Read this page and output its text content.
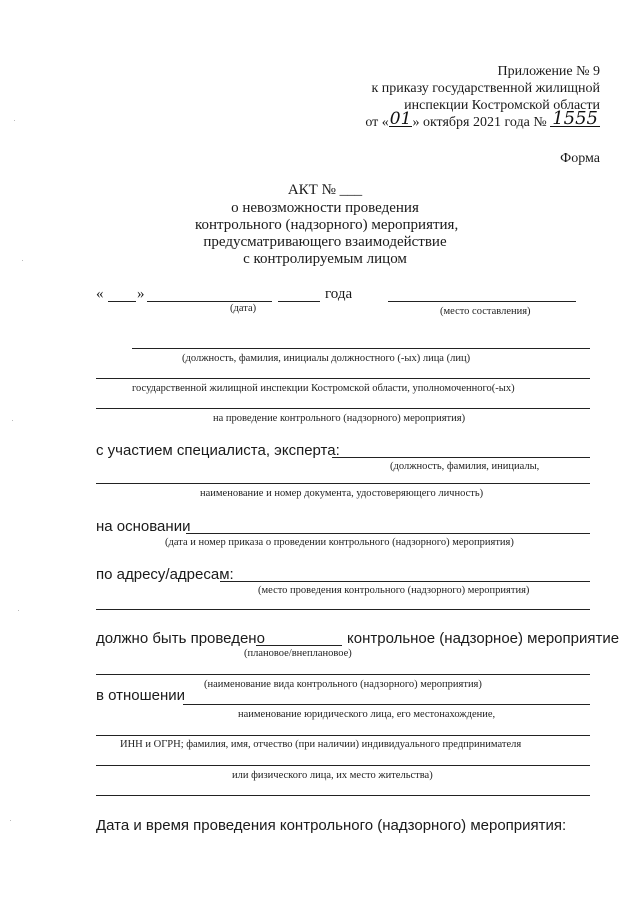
Приложение № 9
к приказу государственной жилищной
инспекции Костромской области
от «01» октября 2021 года № 1555
Форма
АКТ № ___
о невозможности проведения
контрольного (надзорного) мероприятия,
предусматривающего взаимодействие
с контролируемым лицом
« »	года
(дата)	(место составления)
(должность, фамилия, инициалы должностного (-ых) лица (лиц)
государственной жилищной инспекции Костромской области, уполномоченного(-ых)
на проведение контрольного (надзорного) мероприятия)
с участием специалиста, эксперта:
(должность, фамилия, инициалы,
наименование и номер документа, удостоверяющего личность)
на основании
(дата и номер приказа о проведении контрольного (надзорного) мероприятия)
по адресу/адресам:
(место проведения контрольного (надзорного) мероприятия)
должно быть проведено	контрольное (надзорное) мероприятие
(плановое/внеплановое)
(наименование вида контрольного (надзорного) мероприятия)
в отношении
наименование юридического лица, его местонахождение,
ИНН и ОГРН; фамилия, имя, отчество (при наличии) индивидуального предпринимателя
или физического лица, их место жительства)
Дата и время проведения контрольного (надзорного) мероприятия:
